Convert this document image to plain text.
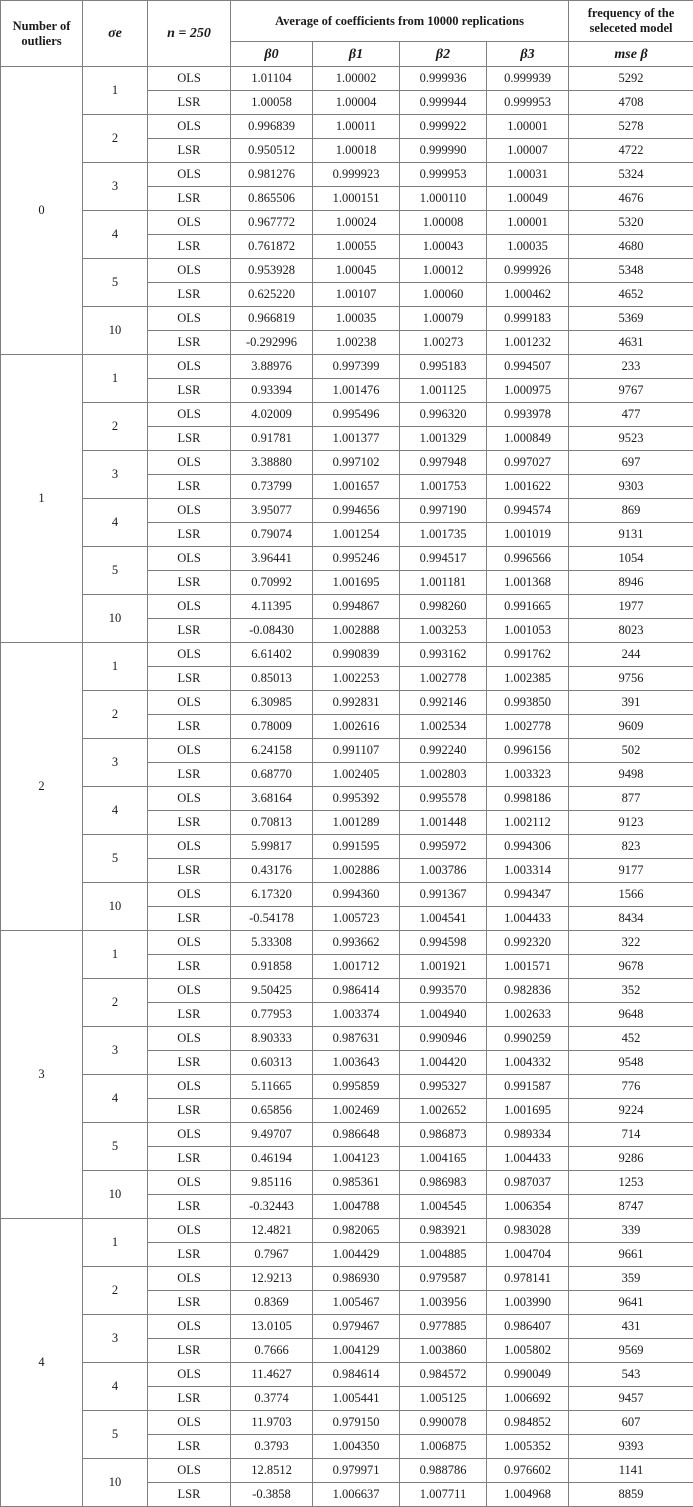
Number of outliers	σe	n = 250	Average of coefficients from 10000 replications				frequency of the seleceted model
			β0	β1	β2	β3	mse β
0	1	OLS	1.01104	1.00002	0.999936	0.999939	5292
		LSR	1.00058	1.00004	0.999944	0.999953	4708
	2	OLS	0.996839	1.00011	0.999922	1.00001	5278
		LSR	0.950512	1.00018	0.999990	1.00007	4722
	3	OLS	0.981276	0.999923	0.999953	1.00031	5324
		LSR	0.865506	1.000151	1.000110	1.00049	4676
	4	OLS	0.967772	1.00024	1.00008	1.00001	5320
		LSR	0.761872	1.00055	1.00043	1.00035	4680
	5	OLS	0.953928	1.00045	1.00012	0.999926	5348
		LSR	0.625220	1.00107	1.00060	1.000462	4652
	10	OLS	0.966819	1.00035	1.00079	0.999183	5369
		LSR	-0.292996	1.00238	1.00273	1.001232	4631
1	1	OLS	3.88976	0.997399	0.995183	0.994507	233
		LSR	0.93394	1.001476	1.001125	1.000975	9767
	2	OLS	4.02009	0.995496	0.996320	0.993978	477
		LSR	0.91781	1.001377	1.001329	1.000849	9523
	3	OLS	3.38880	0.997102	0.997948	0.997027	697
		LSR	0.73799	1.001657	1.001753	1.001622	9303
	4	OLS	3.95077	0.994656	0.997190	0.994574	869
		LSR	0.79074	1.001254	1.001735	1.001019	9131
	5	OLS	3.96441	0.995246	0.994517	0.996566	1054
		LSR	0.70992	1.001695	1.001181	1.001368	8946
	10	OLS	4.11395	0.994867	0.998260	0.991665	1977
		LSR	-0.08430	1.002888	1.003253	1.001053	8023
2	1	OLS	6.61402	0.990839	0.993162	0.991762	244
		LSR	0.85013	1.002253	1.002778	1.002385	9756
	2	OLS	6.30985	0.992831	0.992146	0.993850	391
		LSR	0.78009	1.002616	1.002534	1.002778	9609
	3	OLS	6.24158	0.991107	0.992240	0.996156	502
		LSR	0.68770	1.002405	1.002803	1.003323	9498
	4	OLS	3.68164	0.995392	0.995578	0.998186	877
		LSR	0.70813	1.001289	1.001448	1.002112	9123
	5	OLS	5.99817	0.991595	0.995972	0.994306	823
		LSR	0.43176	1.002886	1.003786	1.003314	9177
	10	OLS	6.17320	0.994360	0.991367	0.994347	1566
		LSR	-0.54178	1.005723	1.004541	1.004433	8434
3	1	OLS	5.33308	0.993662	0.994598	0.992320	322
		LSR	0.91858	1.001712	1.001921	1.001571	9678
	2	OLS	9.50425	0.986414	0.993570	0.982836	352
		LSR	0.77953	1.003374	1.004940	1.002633	9648
	3	OLS	8.90333	0.987631	0.990946	0.990259	452
		LSR	0.60313	1.003643	1.004420	1.004332	9548
	4	OLS	5.11665	0.995859	0.995327	0.991587	776
		LSR	0.65856	1.002469	1.002652	1.001695	9224
	5	OLS	9.49707	0.986648	0.986873	0.989334	714
		LSR	0.46194	1.004123	1.004165	1.004433	9286
	10	OLS	9.85116	0.985361	0.986983	0.987037	1253
		LSR	-0.32443	1.004788	1.004545	1.006354	8747
4	1	OLS	12.4821	0.982065	0.983921	0.983028	339
		LSR	0.7967	1.004429	1.004885	1.004704	9661
	2	OLS	12.9213	0.986930	0.979587	0.978141	359
		LSR	0.8369	1.005467	1.003956	1.003990	9641
	3	OLS	13.0105	0.979467	0.977885	0.986407	431
		LSR	0.7666	1.004129	1.003860	1.005802	9569
	4	OLS	11.4627	0.984614	0.984572	0.990049	543
		LSR	0.3774	1.005441	1.005125	1.006692	9457
	5	OLS	11.9703	0.979150	0.990078	0.984852	607
		LSR	0.3793	1.004350	1.006875	1.005352	9393
	10	OLS	12.8512	0.979971	0.988786	0.976602	1141
		LSR	-0.3858	1.006637	1.007711	1.004968	8859
